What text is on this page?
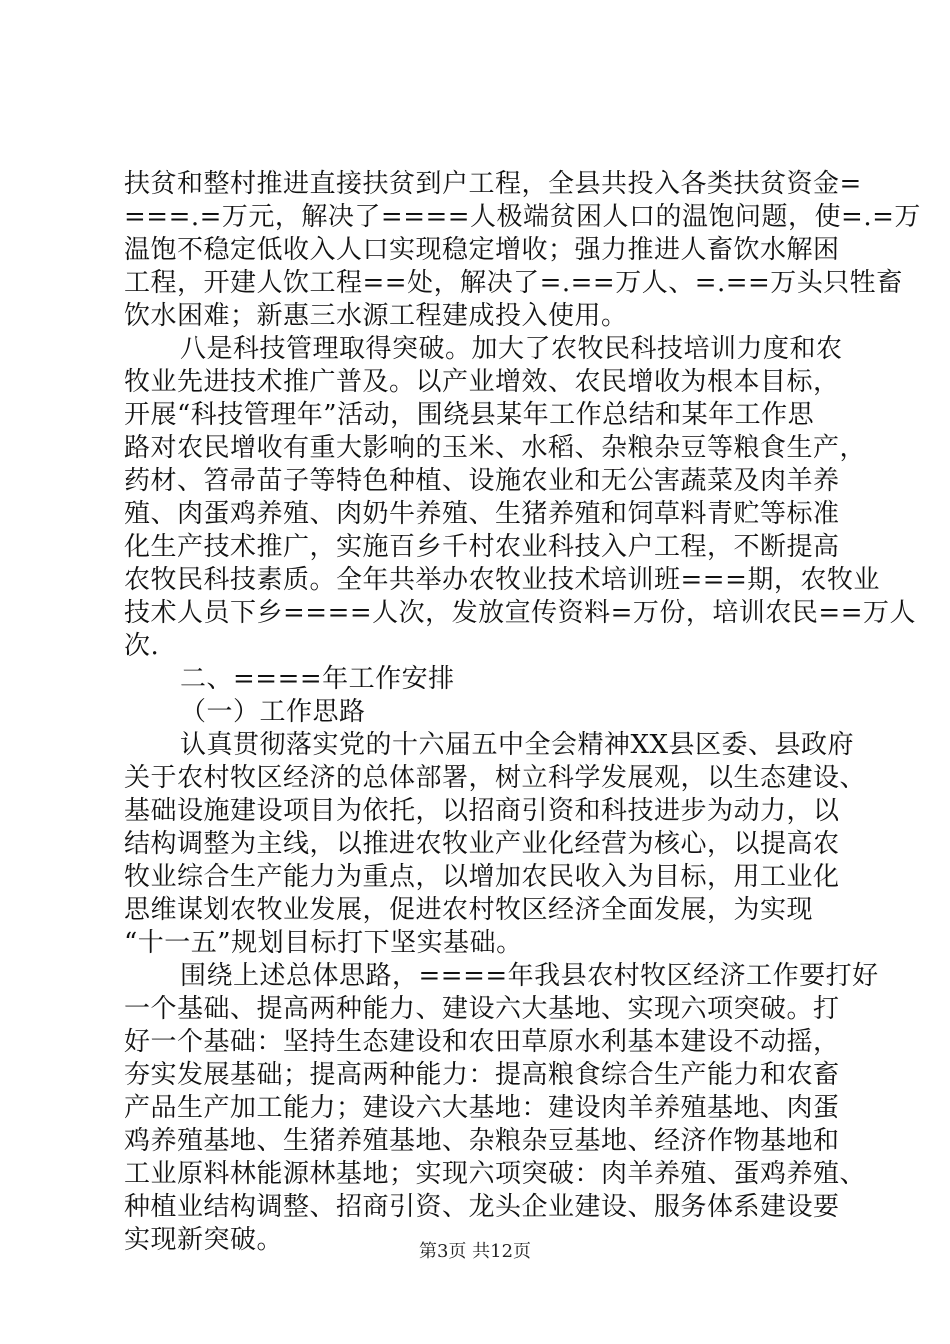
扶贫和整村推进直接扶贫到户工程，全县共投入各类扶贫资金=
===.=万元，解决了====人极端贫困人口的温饱问题，使=.=万
温饱不稳定低收入人口实现稳定增收；强力推进人畜饮水解困
工程，开建人饮工程==处，解决了=.==万人、=.==万头只牲畜
饮水困难；新惠三水源工程建成投入使用。
八是科技管理取得突破。加大了农牧民科技培训力度和农
牧业先进技术推广普及。以产业增效、农民增收为根本目标，
开展“科技管理年”活动，围绕县某年工作总结和某年工作思
路对农民增收有重大影响的玉米、水稻、杂粮杂豆等粮食生产，
药材、笤帚苗子等特色种植、设施农业和无公害蔬菜及肉羊养
殖、肉蛋鸡养殖、肉奶牛养殖、生猪养殖和饲草料青贮等标准
化生产技术推广，实施百乡千村农业科技入户工程，不断提高
农牧民科技素质。全年共举办农牧业技术培训班===期，农牧业
技术人员下乡====人次，发放宣传资料=万份，培训农民==万人
次.
二、====年工作安排
（一）工作思路
认真贯彻落实党的十六届五中全会精神XX县区委、县政府
关于农村牧区经济的总体部署，树立科学发展观，以生态建设、
基础设施建设项目为依托，以招商引资和科技进步为动力，以
结构调整为主线，以推进农牧业产业化经营为核心，以提高农
牧业综合生产能力为重点，以增加农民收入为目标，用工业化
思维谋划农牧业发展，促进农村牧区经济全面发展，为实现
“十一五”规划目标打下坚实基础。
围绕上述总体思路，====年我县农村牧区经济工作要打好
一个基础、提高两种能力、建设六大基地、实现六项突破。打
好一个基础：坚持生态建设和农田草原水利基本建设不动摇，
夯实发展基础；提高两种能力：提高粮食综合生产能力和农畜
产品生产加工能力；建设六大基地：建设肉羊养殖基地、肉蛋
鸡养殖基地、生猪养殖基地、杂粮杂豆基地、经济作物基地和
工业原料林能源林基地；实现六项突破：肉羊养殖、蛋鸡养殖、
种植业结构调整、招商引资、龙头企业建设、服务体系建设要
实现新突破。	第3页 共12页
